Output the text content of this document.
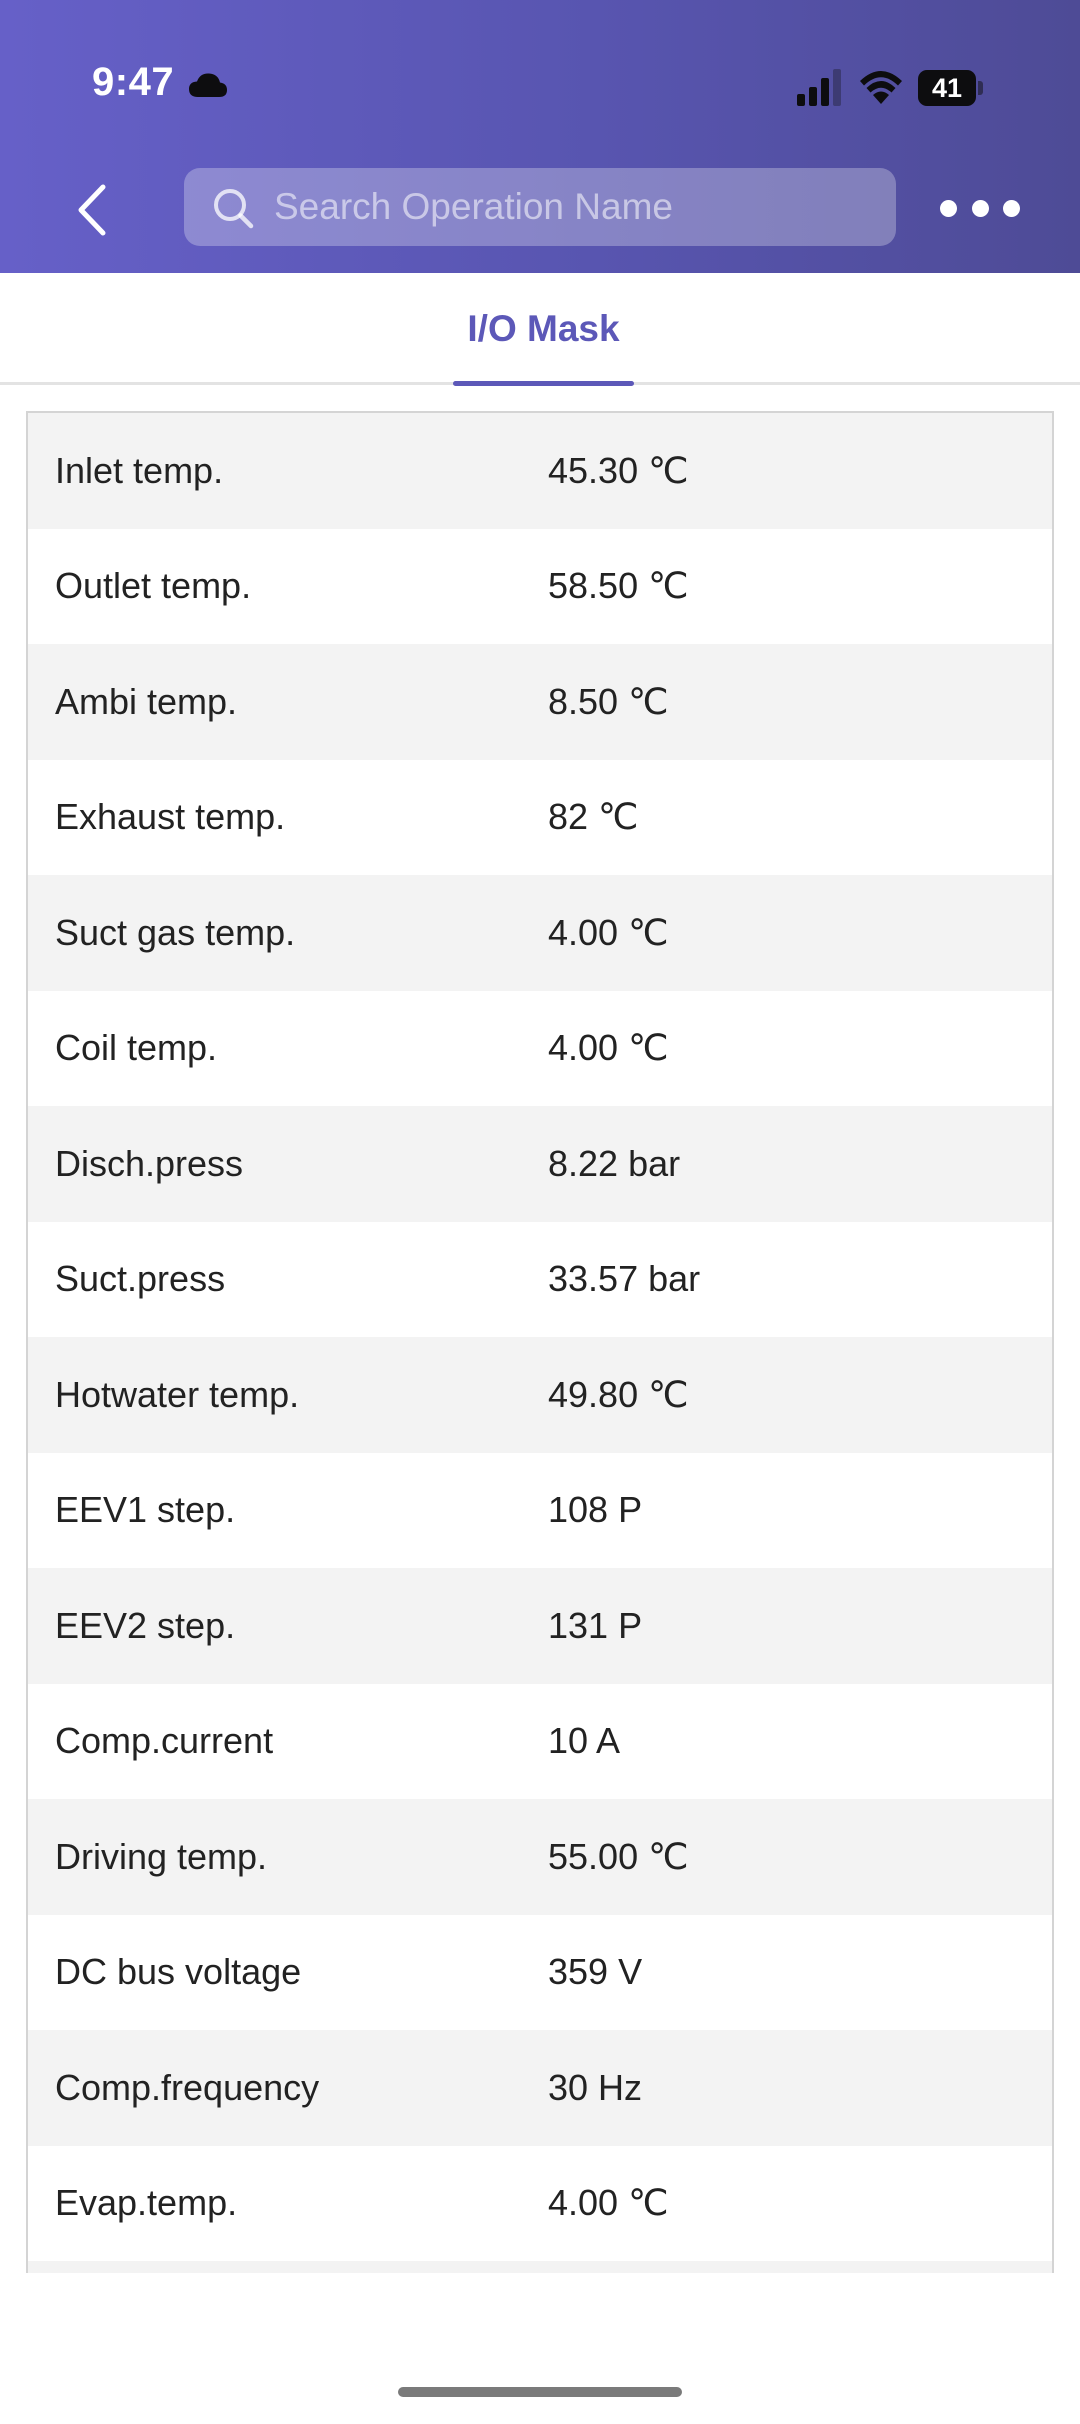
9:47	41
Search Operation Name
I/O Mask
Inlet temp.	45.30 ℃
Outlet temp.	58.50 ℃
Ambi temp.	8.50 ℃
Exhaust temp.	82 ℃
Suct gas temp.	4.00 ℃
Coil temp.	4.00 ℃
Disch.press	8.22 bar
Suct.press	33.57 bar
Hotwater temp.	49.80 ℃
EEV1 step.	108 P
EEV2 step.	131 P
Comp.current	10 A
Driving temp.	55.00 ℃
DC bus voltage	359 V
Comp.frequency	30 Hz
Evap.temp.	4.00 ℃
